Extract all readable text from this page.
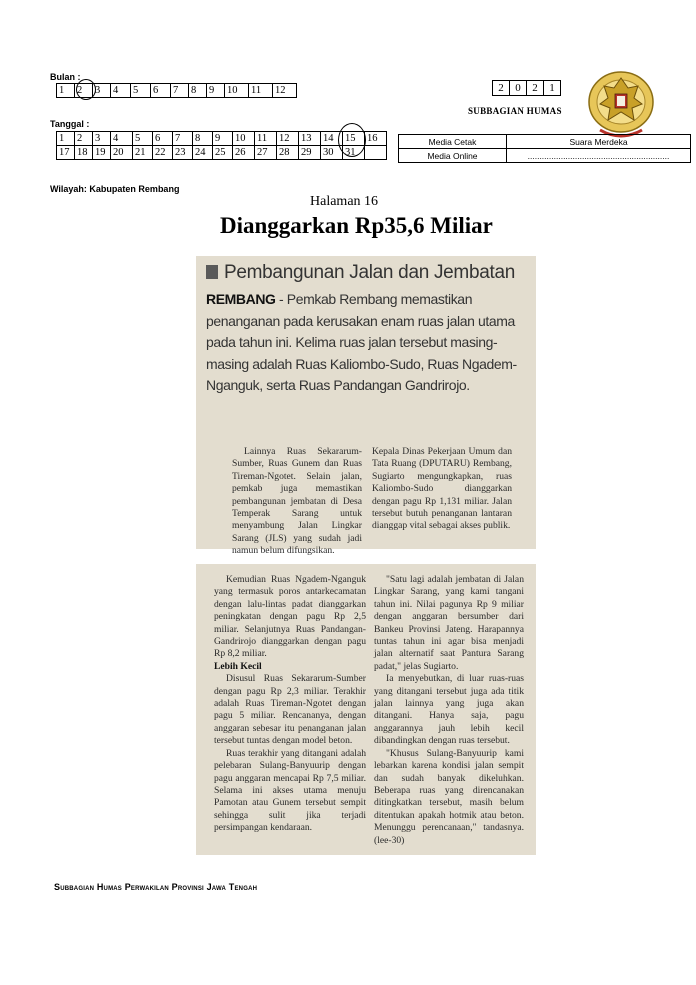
Bulan :
1	2	3	4	5	6	7	8	9	10	11	12
Tanggal :
1	2	3	4	5	6	7	8	9	10	11	12	13	14	15	16
17	18	19	20	21	22	23	24	25	26	27	28	29	30	31	
2	0	2	1
SUBBAGIAN HUMAS
Media Cetak	Suara Merdeka
Media Online	............................................................
Wilayah: Kabupaten Rembang
Halaman 16
Dianggarkan Rp35,6 Miliar
Pembangunan Jalan dan Jembatan
REMBANG - Pemkab Rembang memastikan penanganan pada kerusakan enam ruas jalan utama pada tahun ini. Kelima ruas jalan tersebut masing-masing adalah Ruas Kaliombo-Sudo, Ruas Ngadem-Nganguk, serta Ruas Pandangan Gandrirojo.

Lainnya Ruas Sekararum-Sumber, Ruas Gunem dan Ruas Tireman-Ngotet. Selain jalan, pemkab juga memastikan pembangunan jembatan di Desa Temperak Sarang untuk menyambung Jalan Lingkar Sarang (JLS) yang sudah jadi namun belum difungsikan.

Kepala Dinas Pekerjaan Umum dan Tata Ruang (DPUTARU) Rembang, Sugiarto mengungkapkan, ruas Kaliombo-Sudo dianggarkan dengan pagu Rp 1,131 miliar. Jalan tersebut butuh penanganan lantaran dianggap vital sebagai akses publik.

Kemudian Ruas Ngadem-Nganguk yang termasuk poros antarkecamatan dengan lalu-lintas padat dianggarkan peningkatan dengan pagu Rp 2,5 miliar. Selanjutnya Ruas Pandangan-Gandrirojo dianggarkan dengan pagu Rp 8,2 miliar.

Lebih Kecil

Disusul Ruas Sekararum-Sumber dengan pagu Rp 2,3 miliar. Terakhir adalah Ruas Tireman-Ngotet dengan pagu 5 miliar. Rencananya, dengan anggaran sebesar itu penanganan jalan tersebut tuntas dengan model beton.

Ruas terakhir yang ditangani adalah pelebaran Sulang-Banyuurip dengan pagu anggaran mencapai Rp 7,5 miliar. Selama ini akses utama menuju Pamotan atau Gunem tersebut sempit sehingga sulit jika terjadi persimpangan kendaraan.

"Satu lagi adalah jembatan di Jalan Lingkar Sarang, yang kami tangani tahun ini. Nilai pagunya Rp 9 miliar dengan anggaran bersumber dari Bankeu Provinsi Jateng. Harapannya tuntas tahun ini agar bisa menjadi jalan alternatif saat Pantura Sarang padat," jelas Sugiarto.

Ia menyebutkan, di luar ruas-ruas yang ditangani tersebut juga ada titik jalan lainnya yang juga akan ditangani. Hanya saja, pagu anggarannya jauh lebih kecil dibandingkan dengan ruas tersebut.

"Khusus Sulang-Banyuurip kami lebarkan karena kondisi jalan sempit dan sudah banyak dikeluhkan. Beberapa ruas yang direncanakan ditingkatkan tersebut, masih belum ditentukan apakah hotmik atau beton. Menunggu perencanaan," tandasnya. (lee-30)

Subbagian Humas Perwakilan Provinsi Jawa Tengah
